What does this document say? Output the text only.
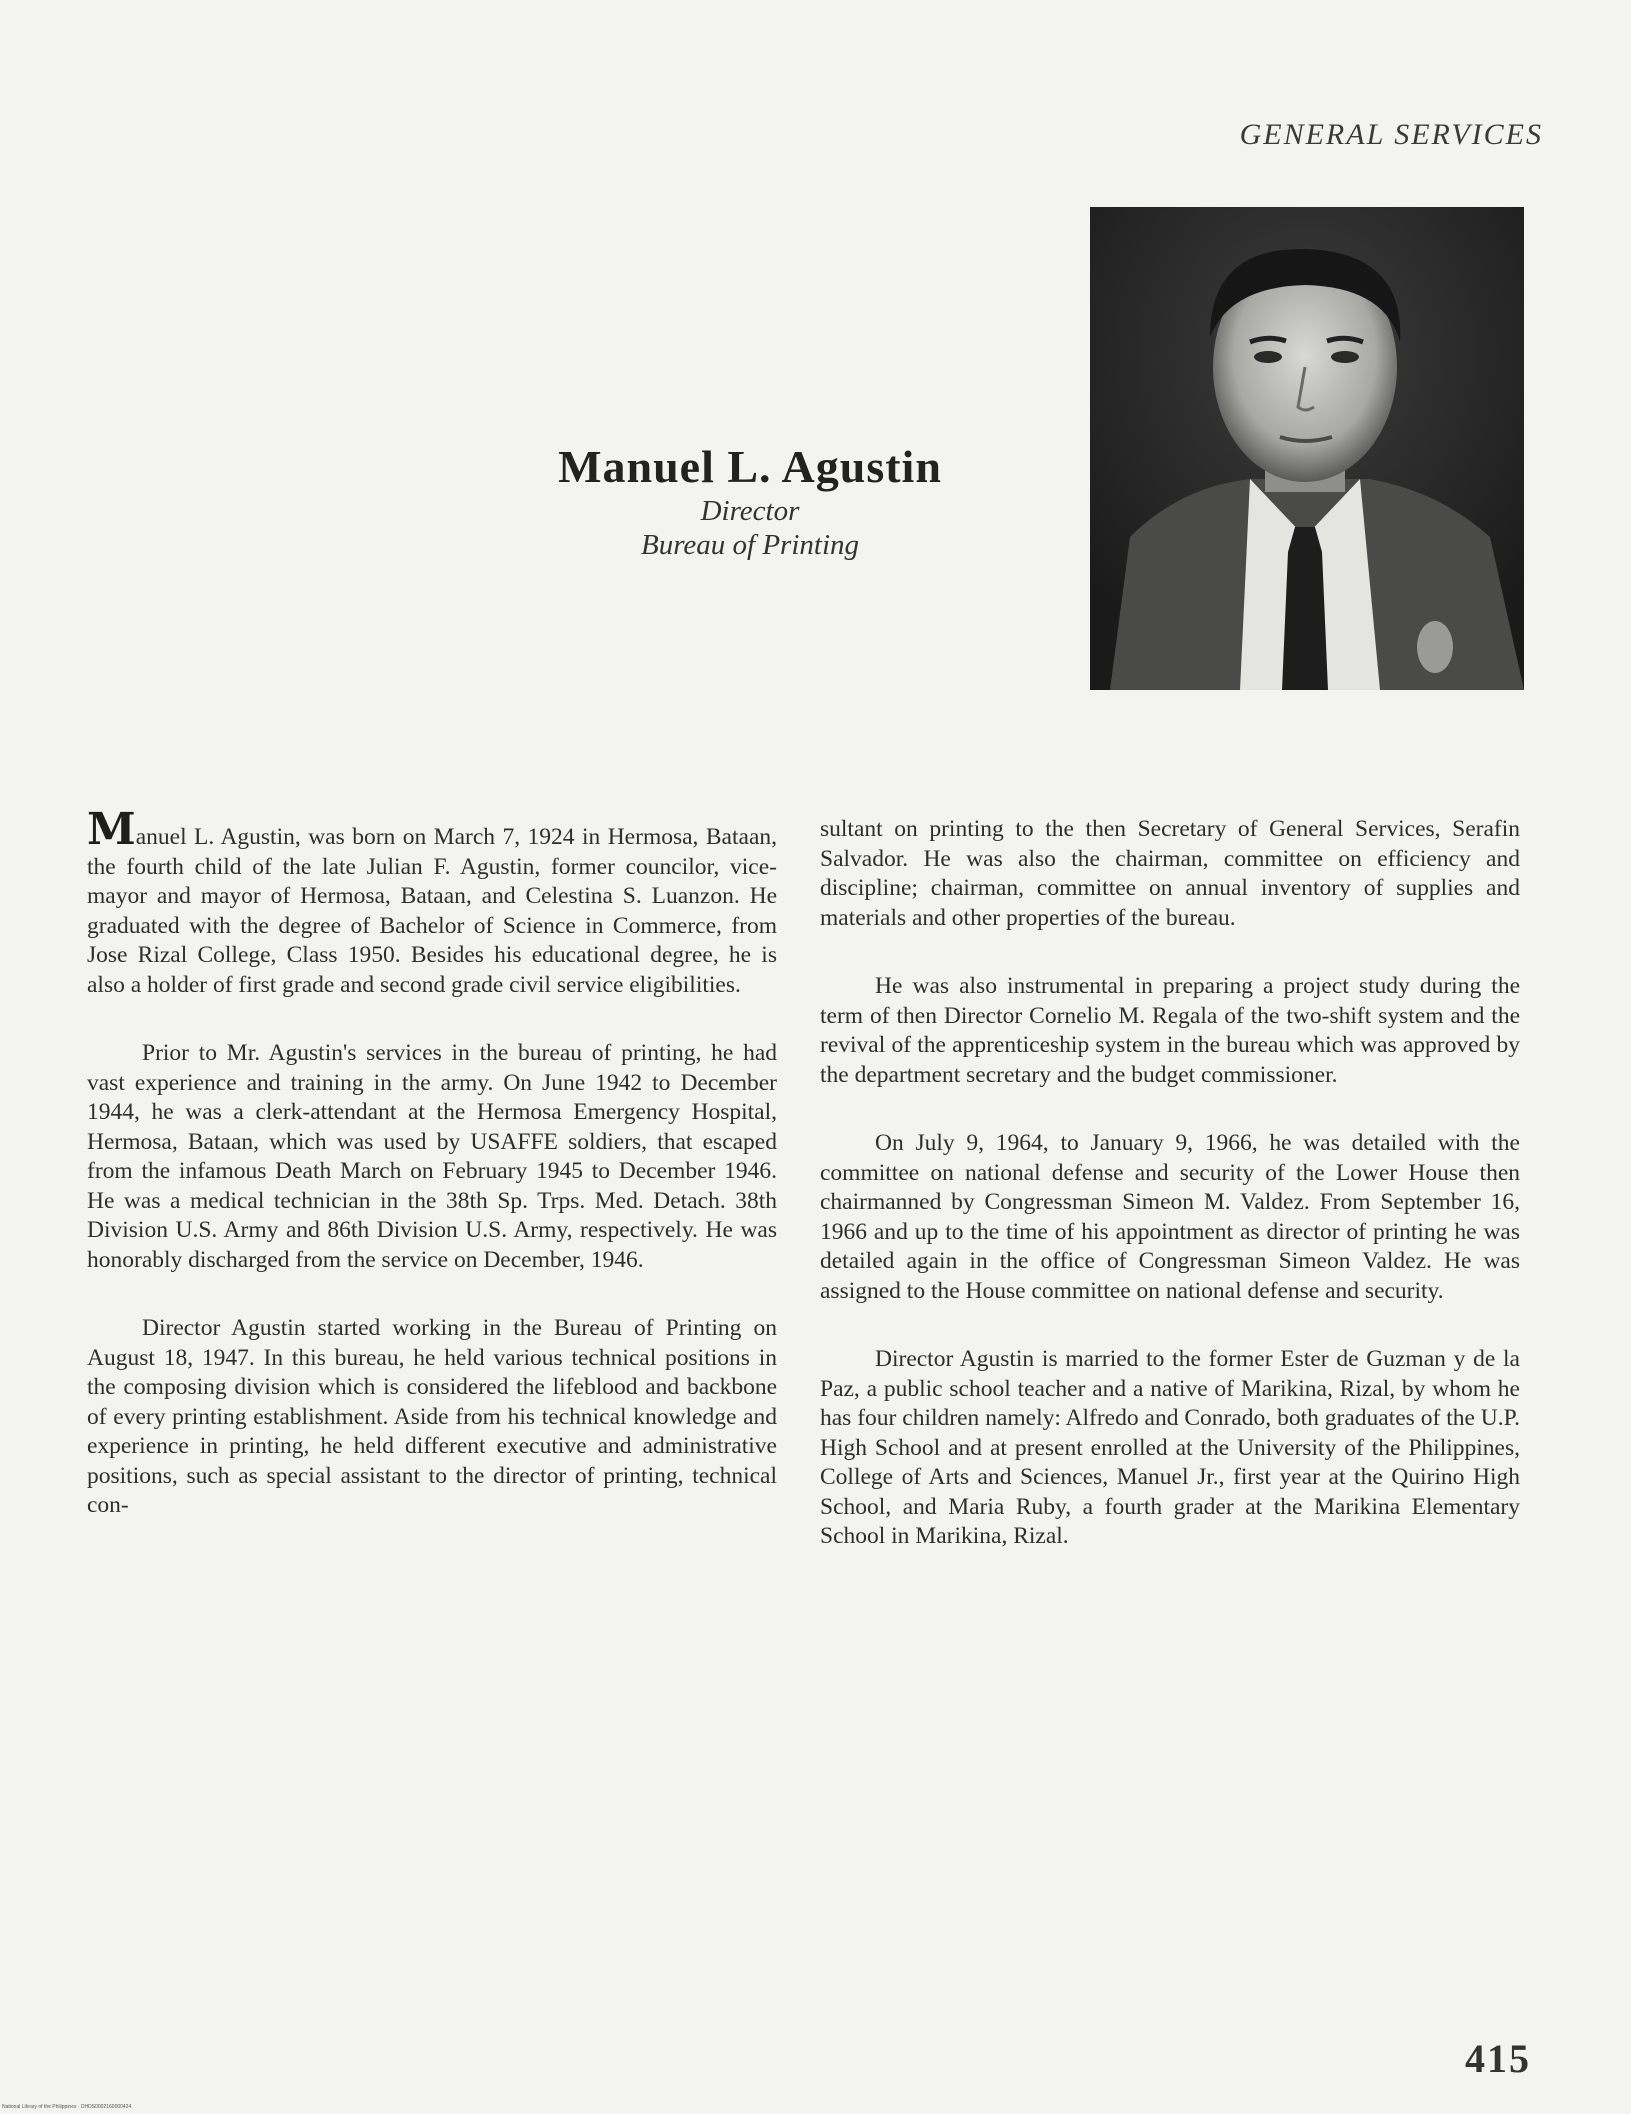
GENERAL SERVICES
Manuel L. Agustin

Director

Bureau of Printing

Manuel L. Agustin, was born on March 7, 1924 in Hermosa, Bataan, the fourth child of the late Julian F. Agustin, former councilor, vice-mayor and mayor of Hermosa, Bataan, and Celestina S. Luanzon. He graduated with the degree of Bachelor of Science in Commerce, from Jose Rizal College, Class 1950. Besides his educational degree, he is also a holder of first grade and second grade civil service eligibilities.

Prior to Mr. Agustin's services in the bureau of printing, he had vast experience and training in the army. On June 1942 to December 1944, he was a clerk-attendant at the Hermosa Emergency Hospital, Hermosa, Bataan, which was used by USAFFE soldiers, that escaped from the infamous Death March on February 1945 to December 1946. He was a medical technician in the 38th Sp. Trps. Med. Detach. 38th Division U.S. Army and 86th Division U.S. Army, respectively. He was honorably discharged from the service on December, 1946.

Director Agustin started working in the Bureau of Printing on August 18, 1947. In this bureau, he held various technical positions in the composing division which is considered the lifeblood and backbone of every printing establishment. Aside from his technical knowledge and experience in printing, he held different executive and administrative positions, such as special assistant to the director of printing, technical con-

sultant on printing to the then Secretary of General Services, Serafin Salvador. He was also the chairman, committee on efficiency and discipline; chairman, committee on annual inventory of supplies and materials and other properties of the bureau.

He was also instrumental in preparing a project study during the term of then Director Cornelio M. Regala of the two-shift system and the revival of the apprenticeship system in the bureau which was approved by the department secretary and the budget commissioner.

On July 9, 1964, to January 9, 1966, he was detailed with the committee on national defense and security of the Lower House then chairmanned by Congressman Simeon M. Valdez. From September 16, 1966 and up to the time of his appointment as director of printing he was detailed again in the office of Congressman Simeon Valdez. He was assigned to the House committee on national defense and security.

Director Agustin is married to the former Ester de Guzman y de la Paz, a public school teacher and a native of Marikina, Rizal, by whom he has four children namely: Alfredo and Conrado, both graduates of the U.P. High School and at present enrolled at the University of the Philippines, College of Arts and Sciences, Manuel Jr., first year at the Quirino High School, and Maria Ruby, a fourth grader at the Marikina Elementary School in Marikina, Rizal.

415
National Library of the Philippines · DHDS0002160000424
